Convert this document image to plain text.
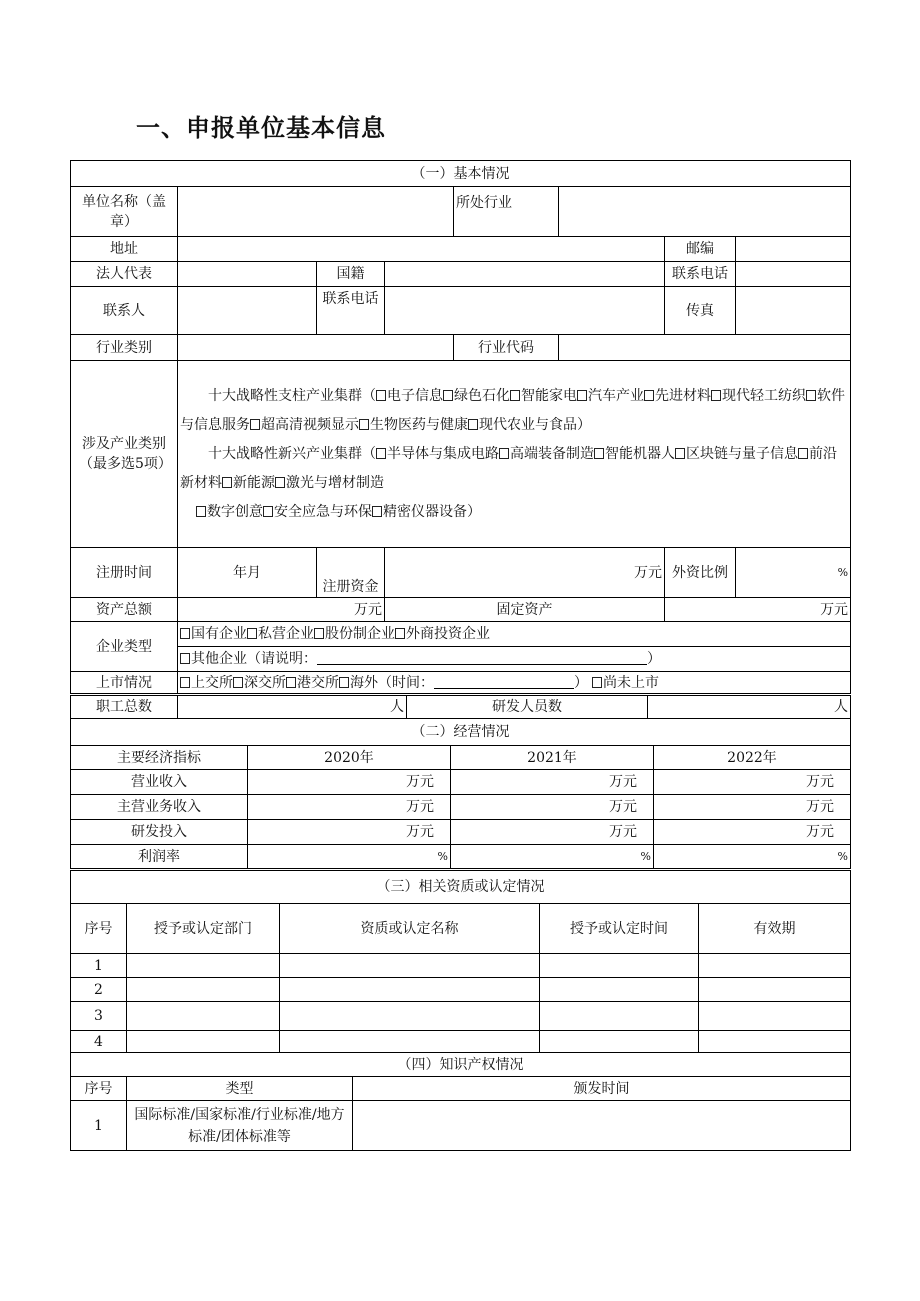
一、申报单位基本信息
（一）基本情况							
单位名称（盖章）				所处行业			
地址						邮编	
法人代表		国籍				联系电话	
联系人		联系电话				传真	
行业类别				行业代码			
涉及产业类别（最多选5项）	十大战略性支柱产业集群（ 电子信息 绿色石化 智能家电 汽车产业 先进材料 现代轻工纺织 软件与信息服务 超高清视频显示 生物医药与健康 现代农业与食品）

十大战略性新兴产业集群（ 半导体与集成电路 高端装备制造 智能机器人 区块链与量子信息 前沿新材料 新能源 激光与增材制造

数字创意 安全应急与环保 精密仪器设备）						

注册时间	年月	注册资金	万元			外资比例	%
资产总额	万元		固定资产			万元	
企业类型	国有企业 私营企业 股份制企业 外商投资企业
其他企业（请说明： ）						

上市情况	上交所 深交所 港交所 海外（时间： ） 尚未上市						
职工总数	人	研发人员数	人
（二）经营情况			
主要经济指标	2020年	2021年	2022年
营业收入	万元	万元	万元
主营业务收入	万元	万元	万元
研发投入	万元	万元	万元
利润率	%	%	%
（三）相关资质或认定情况				
序号	授予或认定部门	资质或认定名称	授予或认定时间	有效期
1				
2				
3				
4				
（四）知识产权情况		
序号	类型	颁发时间
1	国际标准/国家标准/行业标准/地方标准/团体标准等	
